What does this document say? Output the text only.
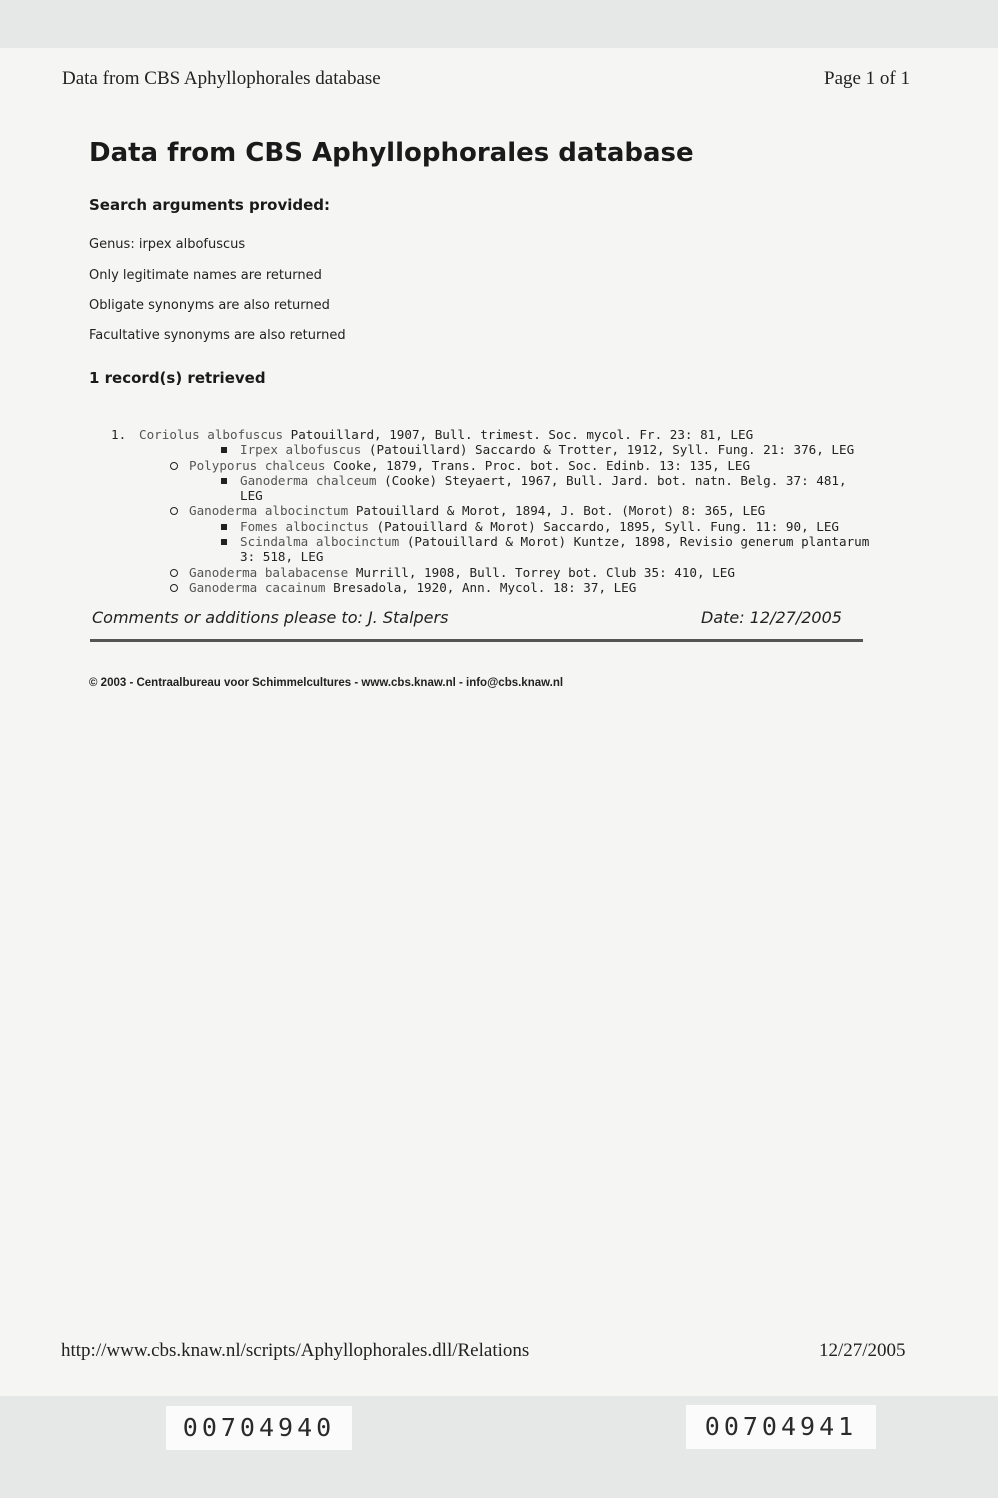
Data from CBS Aphyllophorales database	Page 1 of 1
Data from CBS Aphyllophorales database
Search arguments provided:
Genus: irpex albofuscus
Only legitimate names are returned
Obligate synonyms are also returned
Facultative synonyms are also returned
1 record(s) retrieved
1. Coriolus albofuscus Patouillard, 1907, Bull. trimest. Soc. mycol. Fr. 23: 81, LEG
Irpex albofuscus (Patouillard) Saccardo & Trotter, 1912, Syll. Fung. 21: 376, LEG
Polyporus chalceus Cooke, 1879, Trans. Proc. bot. Soc. Edinb. 13: 135, LEG
Ganoderma chalceum (Cooke) Steyaert, 1967, Bull. Jard. bot. natn. Belg. 37: 481, LEG
Ganoderma albocinctum Patouillard & Morot, 1894, J. Bot. (Morot) 8: 365, LEG
Fomes albocinctus (Patouillard & Morot) Saccardo, 1895, Syll. Fung. 11: 90, LEG
Scindalma albocinctum (Patouillard & Morot) Kuntze, 1898, Revisio generum plantarum 3: 518, LEG
Ganoderma balabacense Murrill, 1908, Bull. Torrey bot. Club 35: 410, LEG
Ganoderma cacainum Bresadola, 1920, Ann. Mycol. 18: 37, LEG
Comments or additions please to: J. Stalpers	Date: 12/27/2005
© 2003 - Centraalbureau voor Schimmelcultures - www.cbs.knaw.nl - info@cbs.knaw.nl
http://www.cbs.knaw.nl/scripts/Aphyllophorales.dll/Relations	12/27/2005
00704940	00704941
